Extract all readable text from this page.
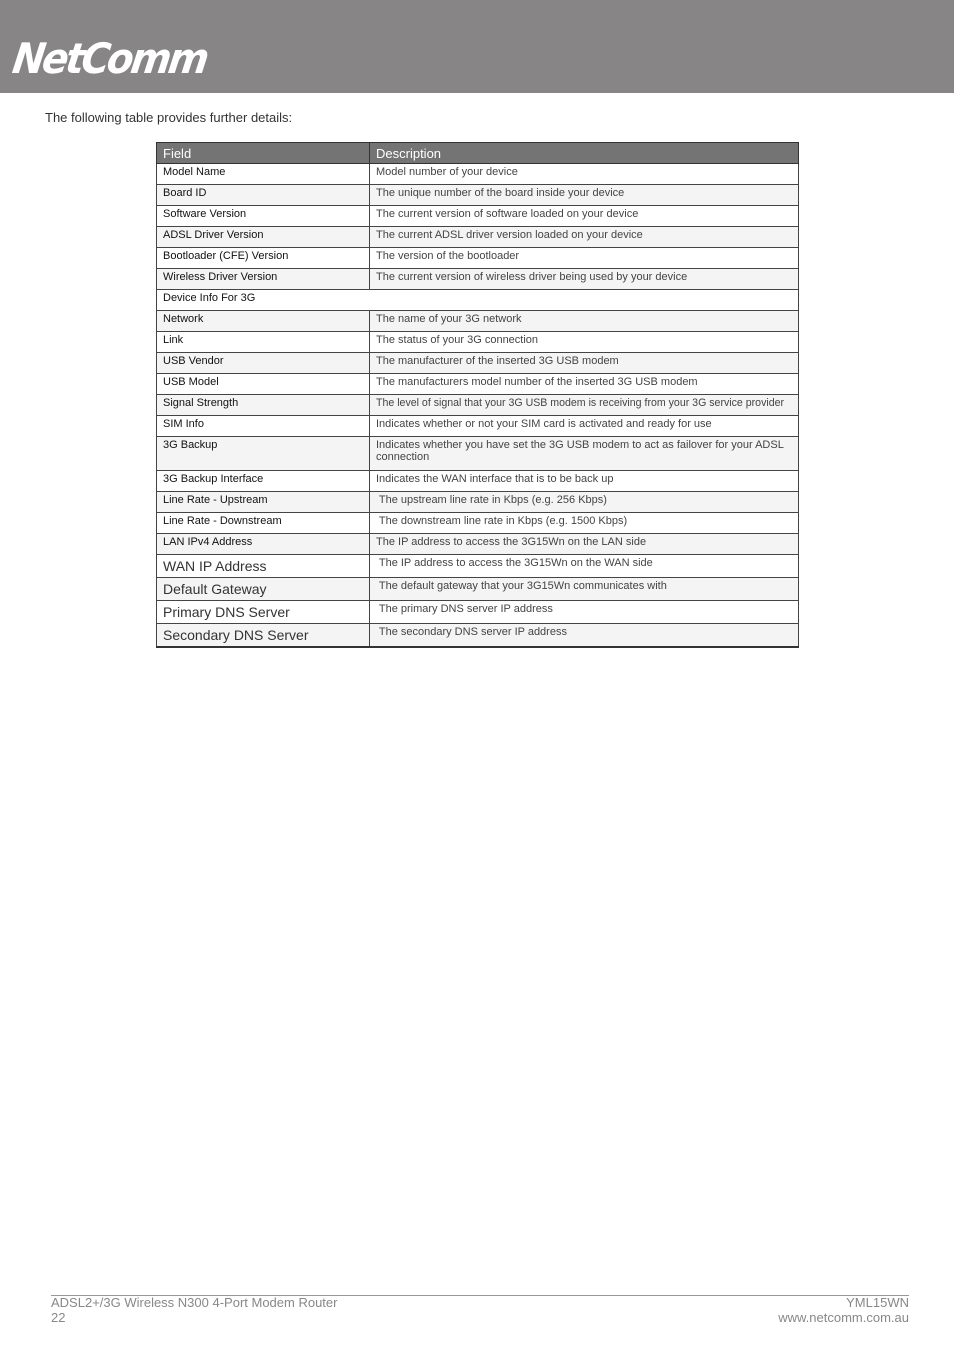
NetComm
The following table provides further details:
Field	Description
Model Name	Model number of your device
Board ID	The unique number of the board inside your device
Software Version	The current version of software loaded on your device
ADSL Driver Version	The current ADSL driver version loaded on your device
Bootloader (CFE) Version	The version of the bootloader
Wireless Driver Version	The current version of wireless driver being used by your device
Device Info For 3G	
Network	The name of your 3G network
Link	The status of your 3G connection
USB Vendor	The manufacturer of the inserted 3G USB modem
USB Model	The manufacturers model number of the inserted 3G USB modem
Signal Strength	The level of signal that your 3G USB modem is receiving from your 3G service provider
SIM Info	Indicates whether or not your SIM card is activated and ready for use
3G Backup	Indicates whether you have set the 3G USB modem to act as failover for your ADSL connection
3G Backup Interface	Indicates the WAN interface that is to be back up
Line Rate - Upstream	The upstream line rate in Kbps (e.g. 256 Kbps)
Line Rate - Downstream	The downstream line rate in Kbps (e.g. 1500 Kbps)
LAN IPv4 Address	The IP address to access the 3G15Wn on the LAN side
WAN IP Address	The IP address to access the 3G15Wn on the WAN side
Default Gateway	The default gateway that your 3G15Wn communicates with
Primary DNS Server	The primary DNS server IP address
Secondary DNS Server	The secondary DNS server IP address
ADSL2+/3G Wireless N300 4-Port Modem Router
22
YML15WN
www.netcomm.com.au
